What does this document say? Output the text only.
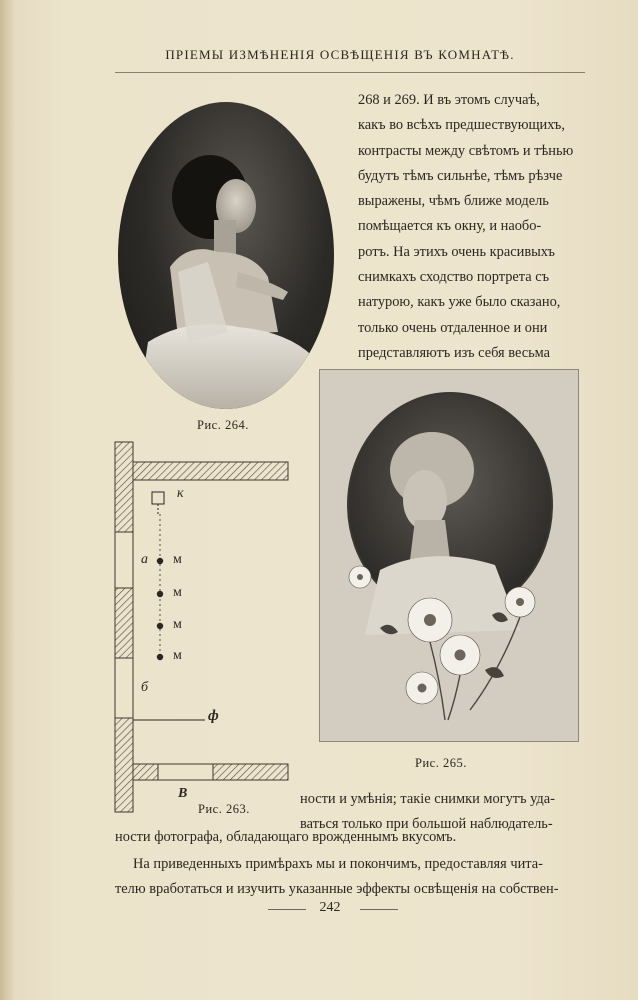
ПРІЕМЫ ИЗМѢНЕНІЯ ОСВѢЩЕНІЯ ВЪ КОМНАТѢ.
Рис. 264.

268 и 269. И въ этомъ случаѣ,

какъ во всѣхъ предшествующихъ,

контрасты между свѣтомъ и тѣнью

будутъ тѣмъ сильнѣе, тѣмъ рѣзче

выражены, чѣмъ ближе модель

помѣщается къ окну, и наобо-

ротъ. На этихъ очень красивыхъ

снимкахъ сходство портрета съ

натурою, какъ уже было сказано,

только очень отдаленное и они

представляютъ изъ себя весьма

Рис. 265.
к
а м
м
м
м
б
ф
В
Рис. 263.
ности и умѣнія; такіе снимки могутъ уда-
ваться только при большой наблюдатель-
ности фотографа, обладающаго врожденнымъ вкусомъ.
На приведенныхъ примѣрахъ мы и покончимъ, предоставляя чита-
телю вработаться и изучить указанные эффекты освѣщенія на собствен-
242
